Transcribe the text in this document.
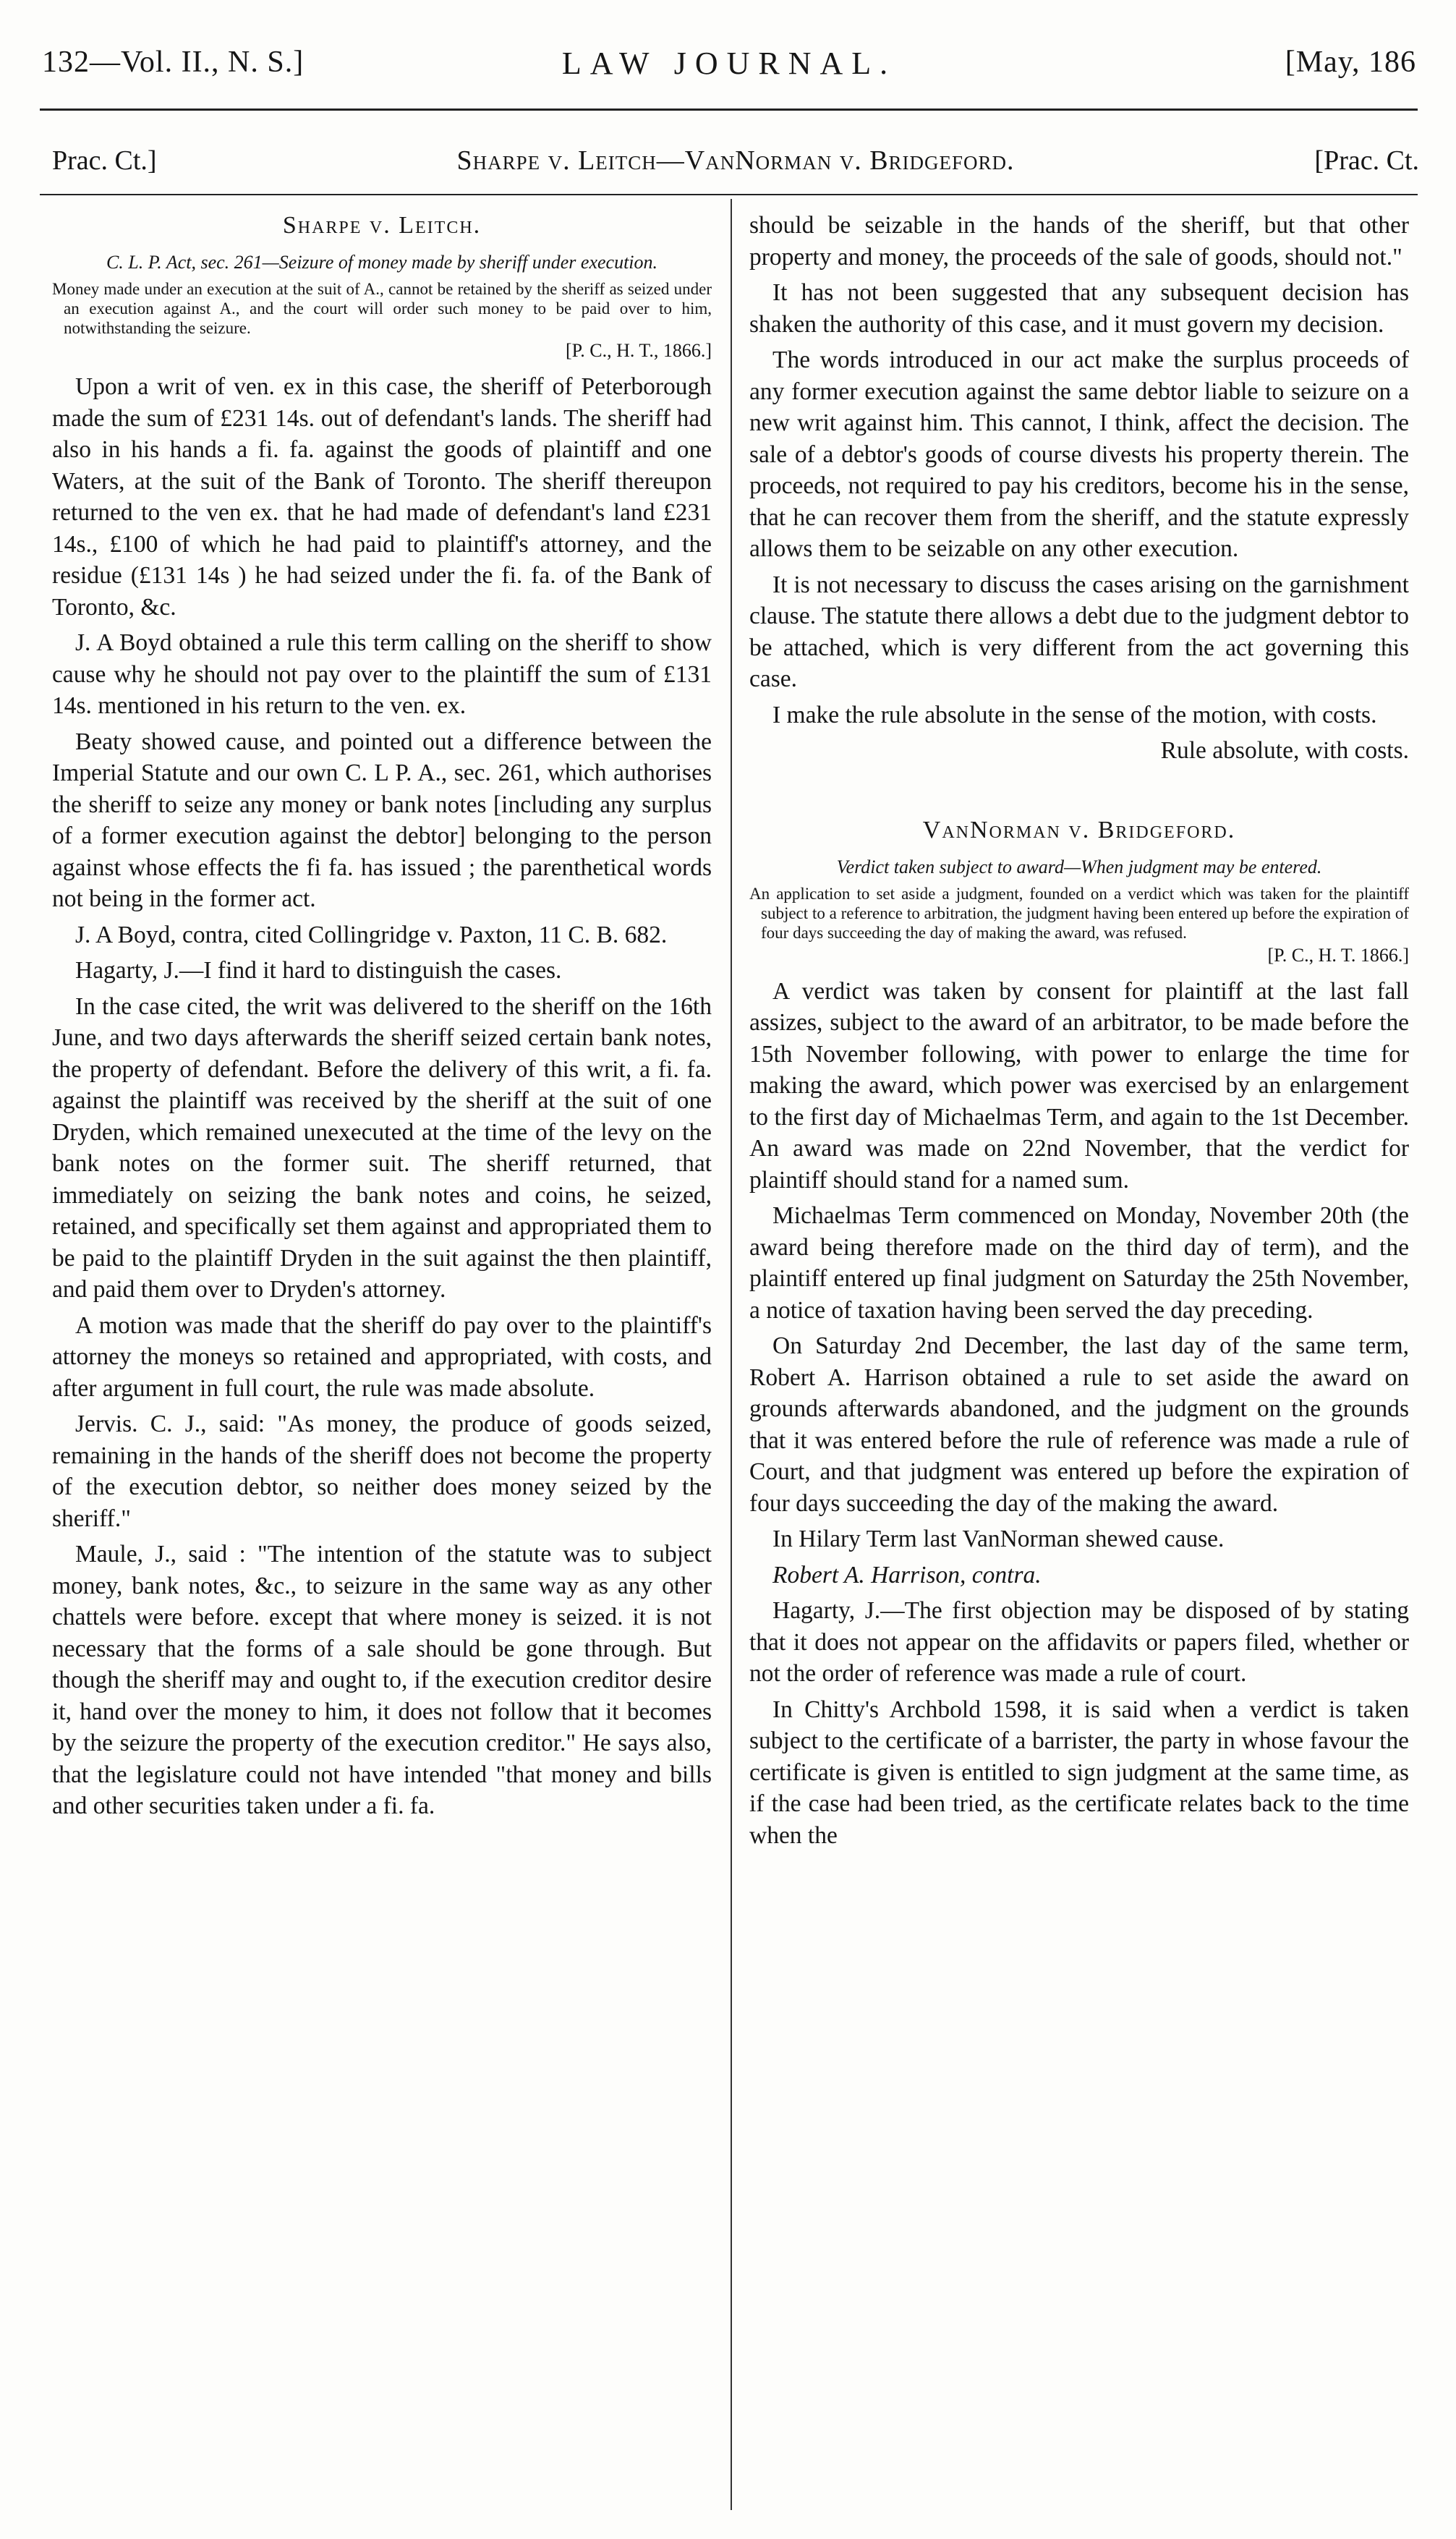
132—Vol. II., N. S.]	LAW JOURNAL.	[May, 186
Prac. Ct.]	Sharpe v. Leitch—VanNorman v. Bridgeford.	[Prac. Ct.
Sharpe v. Leitch.
C. L. P. Act, sec. 261—Seizure of money made by sheriff under execution.
Money made under an execution at the suit of A., cannot be retained by the sheriff as seized under an execution against A., and the court will order such money to be paid over to him, notwithstanding the seizure.
[P. C., H. T., 1866.]

Upon a writ of ven. ex in this case, the sheriff of Peterborough made the sum of £231 14s. out of defendant's lands. The sheriff had also in his hands a fi. fa. against the goods of plaintiff and one Waters, at the suit of the Bank of Toronto. The sheriff thereupon returned to the ven ex. that he had made of defendant's land £231 14s., £100 of which he had paid to plaintiff's attorney, and the residue (£131 14s ) he had seized under the fi. fa. of the Bank of Toronto, &c.

J. A Boyd obtained a rule this term calling on the sheriff to show cause why he should not pay over to the plaintiff the sum of £131 14s. mentioned in his return to the ven. ex.

Beaty showed cause, and pointed out a difference between the Imperial Statute and our own C. L P. A., sec. 261, which authorises the sheriff to seize any money or bank notes [including any surplus of a former execution against the debtor] belonging to the person against whose effects the fi fa. has issued ; the parenthetical words not being in the former act.

J. A Boyd, contra, cited Collingridge v. Paxton, 11 C. B. 682.

Hagarty, J.—I find it hard to distinguish the cases.

In the case cited, the writ was delivered to the sheriff on the 16th June, and two days afterwards the sheriff seized certain bank notes, the property of defendant. Before the delivery of this writ, a fi. fa. against the plaintiff was received by the sheriff at the suit of one Dryden, which remained unexecuted at the time of the levy on the bank notes on the former suit. The sheriff returned, that immediately on seizing the bank notes and coins, he seized, retained, and specifically set them against and appropriated them to be paid to the plaintiff Dryden in the suit against the then plaintiff, and paid them over to Dryden's attorney.

A motion was made that the sheriff do pay over to the plaintiff's attorney the moneys so retained and appropriated, with costs, and after argument in full court, the rule was made absolute.

Jervis. C. J., said: "As money, the produce of goods seized, remaining in the hands of the sheriff does not become the property of the execution debtor, so neither does money seized by the sheriff."

Maule, J., said : "The intention of the statute was to subject money, bank notes, &c., to seizure in the same way as any other chattels were before. except that where money is seized. it is not necessary that the forms of a sale should be gone through. But though the sheriff may and ought to, if the execution creditor desire it, hand over the money to him, it does not follow that it becomes by the seizure the property of the execution creditor." He says also, that the legislature could not have intended "that money and bills and other securities taken under a fi. fa.

should be seizable in the hands of the sheriff, but that other property and money, the proceeds of the sale of goods, should not."

It has not been suggested that any subsequent decision has shaken the authority of this case, and it must govern my decision.

The words introduced in our act make the surplus proceeds of any former execution against the same debtor liable to seizure on a new writ against him. This cannot, I think, affect the decision. The sale of a debtor's goods of course divests his property therein. The proceeds, not required to pay his creditors, become his in the sense, that he can recover them from the sheriff, and the statute expressly allows them to be seizable on any other execution.

It is not necessary to discuss the cases arising on the garnishment clause. The statute there allows a debt due to the judgment debtor to be attached, which is very different from the act governing this case.

I make the rule absolute in the sense of the motion, with costs.

Rule absolute, with costs.

VanNorman v. Bridgeford.
Verdict taken subject to award—When judgment may be entered.
An application to set aside a judgment, founded on a verdict which was taken for the plaintiff subject to a reference to arbitration, the judgment having been entered up before the expiration of four days succeeding the day of making the award, was refused.
[P. C., H. T. 1866.]

A verdict was taken by consent for plaintiff at the last fall assizes, subject to the award of an arbitrator, to be made before the 15th November following, with power to enlarge the time for making the award, which power was exercised by an enlargement to the first day of Michaelmas Term, and again to the 1st December. An award was made on 22nd November, that the verdict for plaintiff should stand for a named sum.

Michaelmas Term commenced on Monday, November 20th (the award being therefore made on the third day of term), and the plaintiff entered up final judgment on Saturday the 25th November, a notice of taxation having been served the day preceding.

On Saturday 2nd December, the last day of the same term, Robert A. Harrison obtained a rule to set aside the award on grounds afterwards abandoned, and the judgment on the grounds that it was entered before the rule of reference was made a rule of Court, and that judgment was entered up before the expiration of four days succeeding the day of the making the award.

In Hilary Term last VanNorman shewed cause.

Robert A. Harrison, contra.

Hagarty, J.—The first objection may be disposed of by stating that it does not appear on the affidavits or papers filed, whether or not the order of reference was made a rule of court.

In Chitty's Archbold 1598, it is said when a verdict is taken subject to the certificate of a barrister, the party in whose favour the certificate is given is entitled to sign judgment at the same time, as if the case had been tried, as the certificate relates back to the time when the
